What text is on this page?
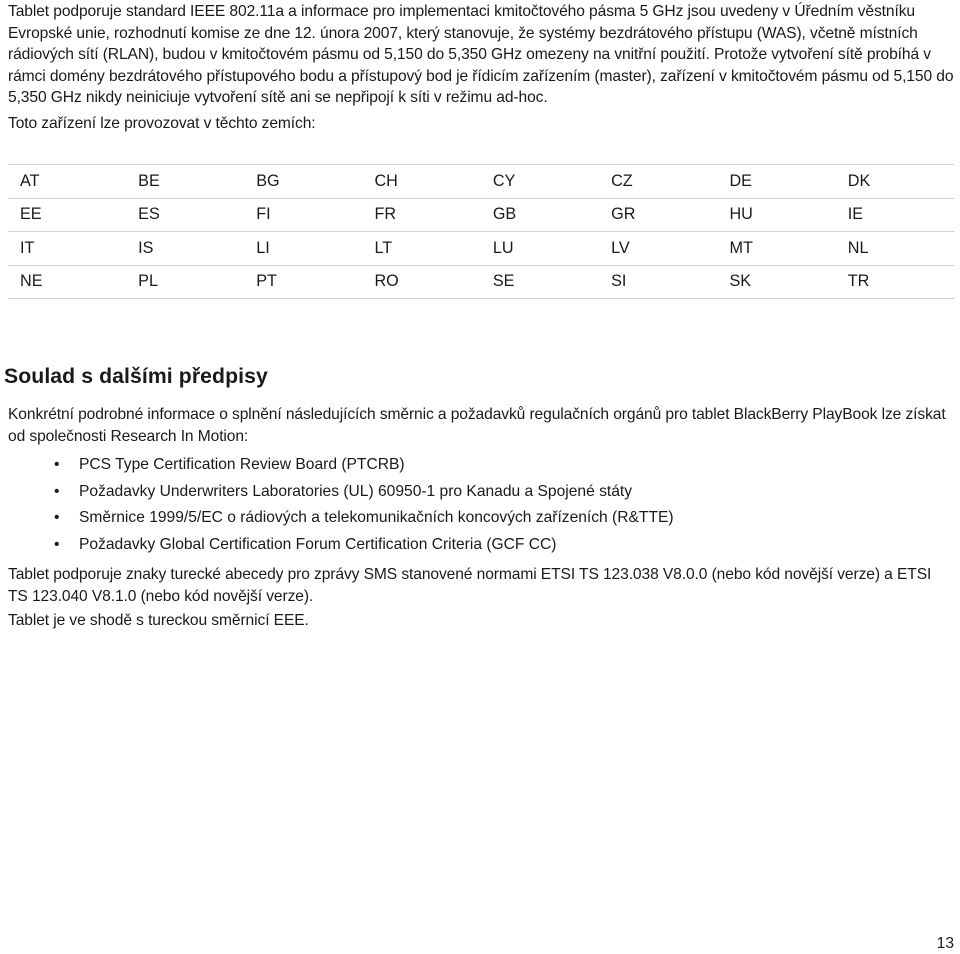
Tablet podporuje standard IEEE 802.11a a informace pro implementaci kmitočtového pásma 5 GHz jsou uvedeny v Úředním věstníku Evropské unie, rozhodnutí komise ze dne 12. února 2007, který stanovuje, že systémy bezdrátového přístupu (WAS), včetně místních rádiových sítí (RLAN), budou v kmitočtovém pásmu od 5,150 do 5,350 GHz omezeny na vnitřní použití. Protože vytvoření sítě probíhá v rámci domény bezdrátového přístupového bodu a přístupový bod je řídicím zařízením (master), zařízení v kmitočtovém pásmu od 5,150 do 5,350 GHz nikdy neiniciuje vytvoření sítě ani se nepřipojí k síti v režimu ad-hoc.

Toto zařízení lze provozovat v těchto zemích:

AT	BE	BG	CH	CY	CZ	DE	DK
EE	ES	FI	FR	GB	GR	HU	IE
IT	IS	LI	LT	LU	LV	MT	NL
NE	PL	PT	RO	SE	SI	SK	TR
Soulad s dalšími předpisy

Konkrétní podrobné informace o splnění následujících směrnic a požadavků regulačních orgánů pro tablet BlackBerry PlayBook lze získat od společnosti Research In Motion:

• PCS Type Certification Review Board (PTCRB)
• Požadavky Underwriters Laboratories (UL) 60950-1 pro Kanadu a Spojené státy
• Směrnice 1999/5/EC o rádiových a telekomunikačních koncových zařízeních (R&TTE)
• Požadavky Global Certification Forum Certification Criteria (GCF CC)

Tablet podporuje znaky turecké abecedy pro zprávy SMS stanovené normami ETSI TS 123.038 V8.0.0 (nebo kód novější verze) a ETSI TS 123.040 V8.1.0 (nebo kód novější verze).

Tablet je ve shodě s tureckou směrnicí EEE.

13
